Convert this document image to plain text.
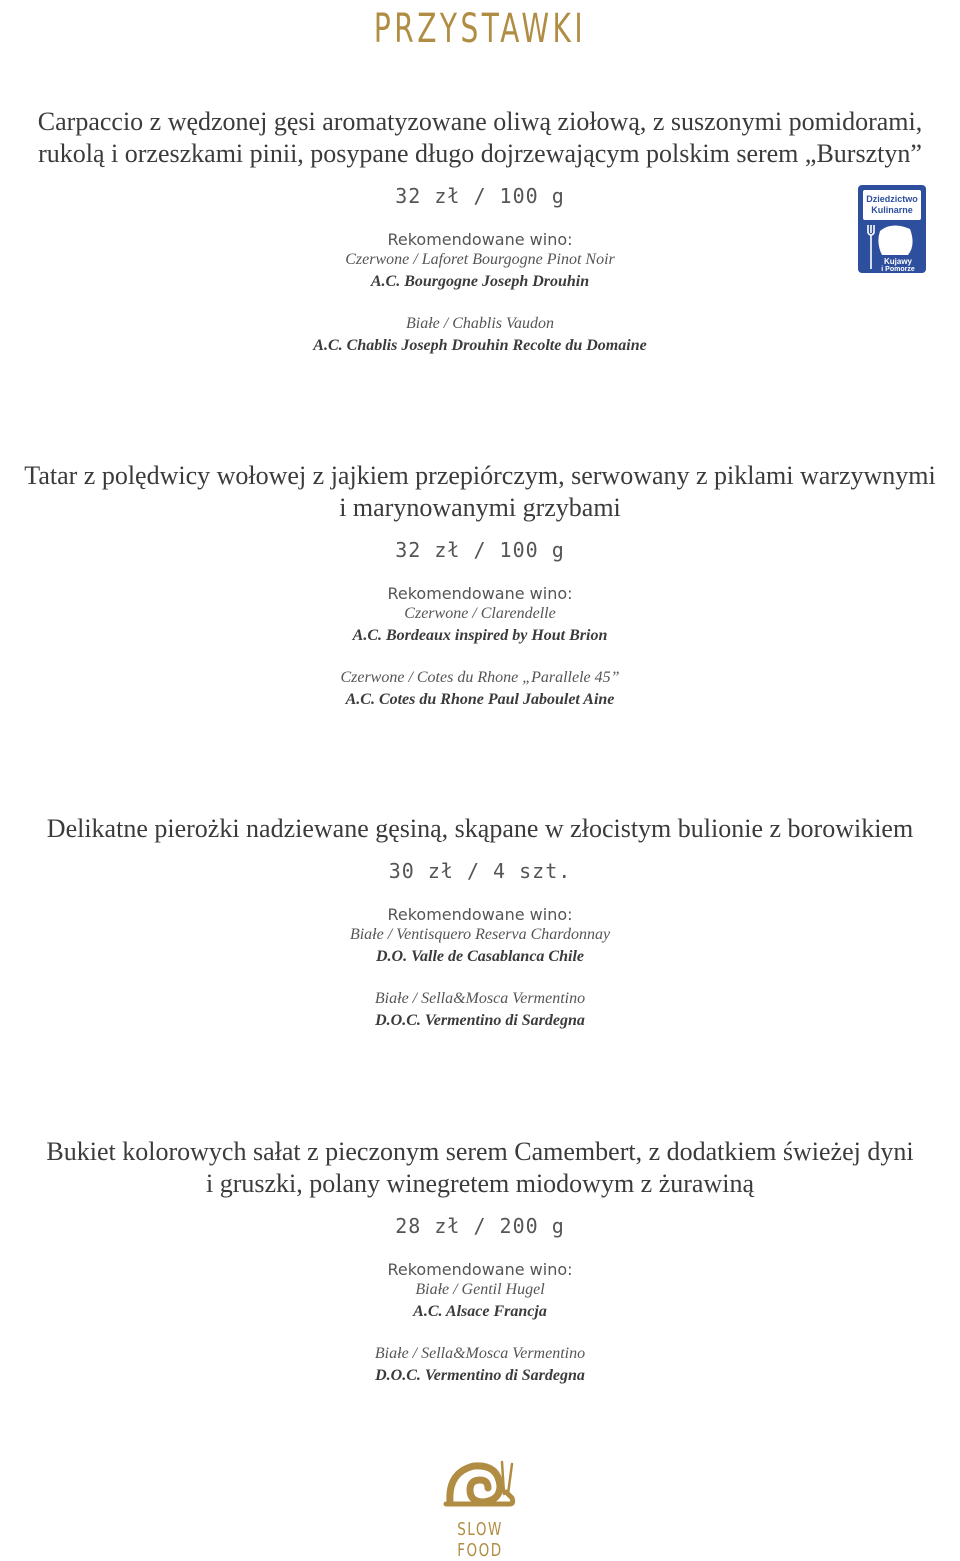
PRZYSTAWKI
Dziedzictwo
Kulinarne
Kujawy
i Pomorze

Carpaccio z wędzonej gęsi aromatyzowane oliwą ziołową, z suszonymi pomidorami,

rukolą i orzeszkami pinii, posypane długo dojrzewającym polskim serem „Bursztyn”

32 zł / 100 g

Rekomendowane wino:

Czerwone / Laforet Bourgogne Pinot Noir

A.C. Bourgogne Joseph Drouhin

Białe / Chablis Vaudon

A.C. Chablis Joseph Drouhin Recolte du Domaine

Tatar z polędwicy wołowej z jajkiem przepiórczym, serwowany z piklami warzywnymi

i marynowanymi grzybami

32 zł / 100 g

Rekomendowane wino:

Czerwone / Clarendelle

A.C. Bordeaux inspired by Hout Brion

Czerwone / Cotes du Rhone „Parallele 45”

A.C. Cotes du Rhone Paul Jaboulet Aine

Delikatne pierożki nadziewane gęsiną, skąpane w złocistym bulionie z borowikiem

30 zł / 4 szt.

Rekomendowane wino:

Białe / Ventisquero Reserva Chardonnay

D.O. Valle de Casablanca Chile

Białe / Sella&Mosca Vermentino

D.O.C. Vermentino di Sardegna

Bukiet kolorowych sałat z pieczonym serem Camembert, z dodatkiem świeżej dyni

i gruszki, polany winegretem miodowym z żurawiną

28 zł / 200 g

Rekomendowane wino:

Białe / Gentil Hugel

A.C. Alsace Francja

Białe / Sella&Mosca Vermentino

D.O.C. Vermentino di Sardegna

SLOW FOOD
